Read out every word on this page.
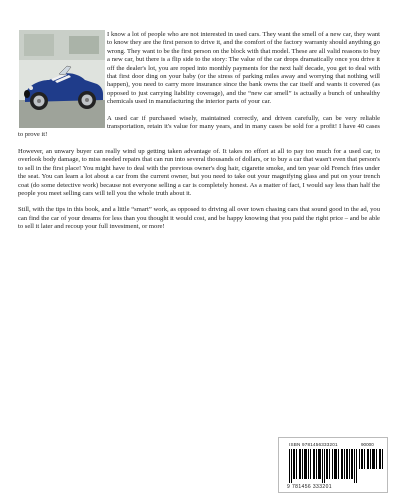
I know a lot of people who are not interested in used cars. They want the smell of a new car, they want to know they are the first person to drive it, and the comfort of the factory warranty should anything go wrong. They want to be the first person on the block with that model. These are all valid reasons to buy a new car, but there is a flip side to the story: The value of the car drops dramatically once you drive it off the dealer's lot, you are roped into monthly payments for the next half decade, you get to deal with that first door ding on your baby (or the stress of parking miles away and worrying that nothing will happen), you need to carry more insurance since the bank owns the car itself and wants it covered (as opposed to just carrying liability coverage), and the “new car smell” is actually a bunch of unhealthy chemicals used in manufacturing the interior parts of your car.

A used car if purchased wisely, maintained correctly, and driven carefully, can be very reliable transportation, retain it's value for many years, and in many cases be sold for a profit! I have 40 cases to prove it!

However, an unwary buyer can really wind up getting taken advantage of. It takes no effort at all to pay too much for a used car, to overlook body damage, to miss needed repairs that can run into several thousands of dollars, or to buy a car that wasn't even that person's to sell in the first place! You might have to deal with the previous owner's dog hair, cigarette smoke, and ten year old French fries under the seat. You can learn a lot about a car from the current owner, but you need to take out your magnifying glass and put on your trench coat (do some detective work) because not everyone selling a car is completely honest. As a matter of fact, I would say less than half the people you meet selling cars will tell you the whole truth about it.

Still, with the tips in this book, and a little “smart” work, as opposed to driving all over town chasing cars that sound good in the ad, you can find the car of your dreams for less than you thought it would cost, and be happy knowing that you paid the right price – and be able to sell it later and recoup your full investment, or more!

ISBN 9781456333201	90000
9 781456 333201
